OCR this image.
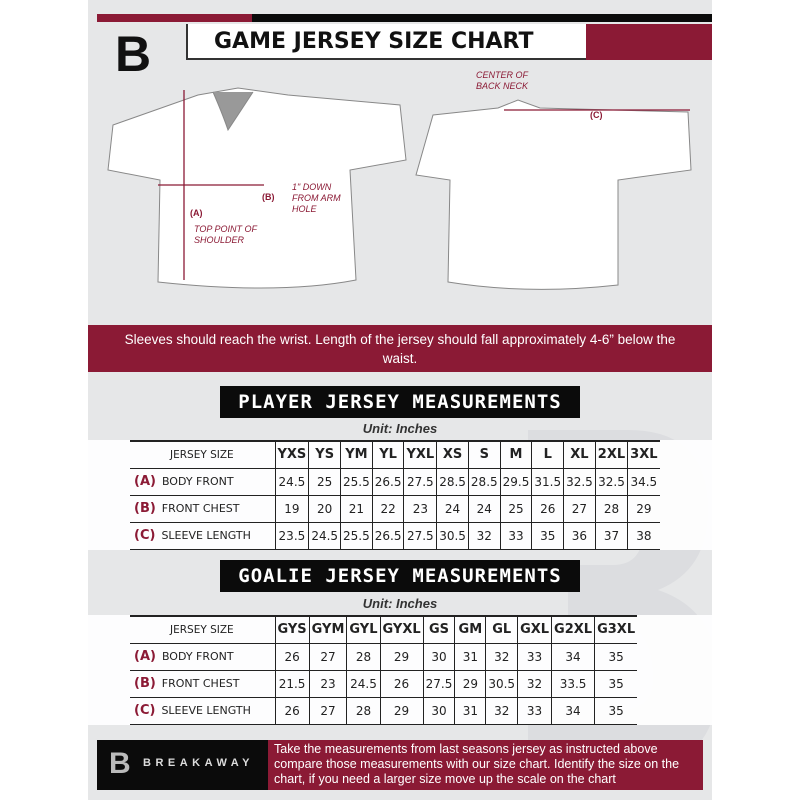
B	GAME JERSEY SIZE CHART
CENTER OF BACK NECK
(C)
(B)
1" DOWN FROM ARM HOLE
(A)
TOP POINT OF SHOULDER
Sleeves should reach the wrist. Length of the jersey should fall approximately 4-6” below the waist.
PLAYER JERSEY MEASUREMENTS
Unit: Inches
JERSEY SIZE	YXS	YS	YM	YL	YXL	XS	S	M	L	XL	2XL	3XL
(A) BODY FRONT	24.5	25	25.5	26.5	27.5	28.5	28.5	29.5	31.5	32.5	32.5	34.5
(B) FRONT CHEST	19	20	21	22	23	24	24	25	26	27	28	29
(C) SLEEVE LENGTH	23.5	24.5	25.5	26.5	27.5	30.5	32	33	35	36	37	38
GOALIE JERSEY MEASUREMENTS
Unit: Inches
JERSEY SIZE	GYS	GYM	GYL	GYXL	GS	GM	GL	GXL	G2XL	G3XL
(A) BODY FRONT	26	27	28	29	30	31	32	33	34	35
(B) FRONT CHEST	21.5	23	24.5	26	27.5	29	30.5	32	33.5	35
(C) SLEEVE LENGTH	26	27	28	29	30	31	32	33	34	35
B BREAKAWAY
Take the measurements from last seasons jersey as instructed above compare those measurements with our size chart. Identify the size on the chart, if you need a larger size move up the scale on the chart
